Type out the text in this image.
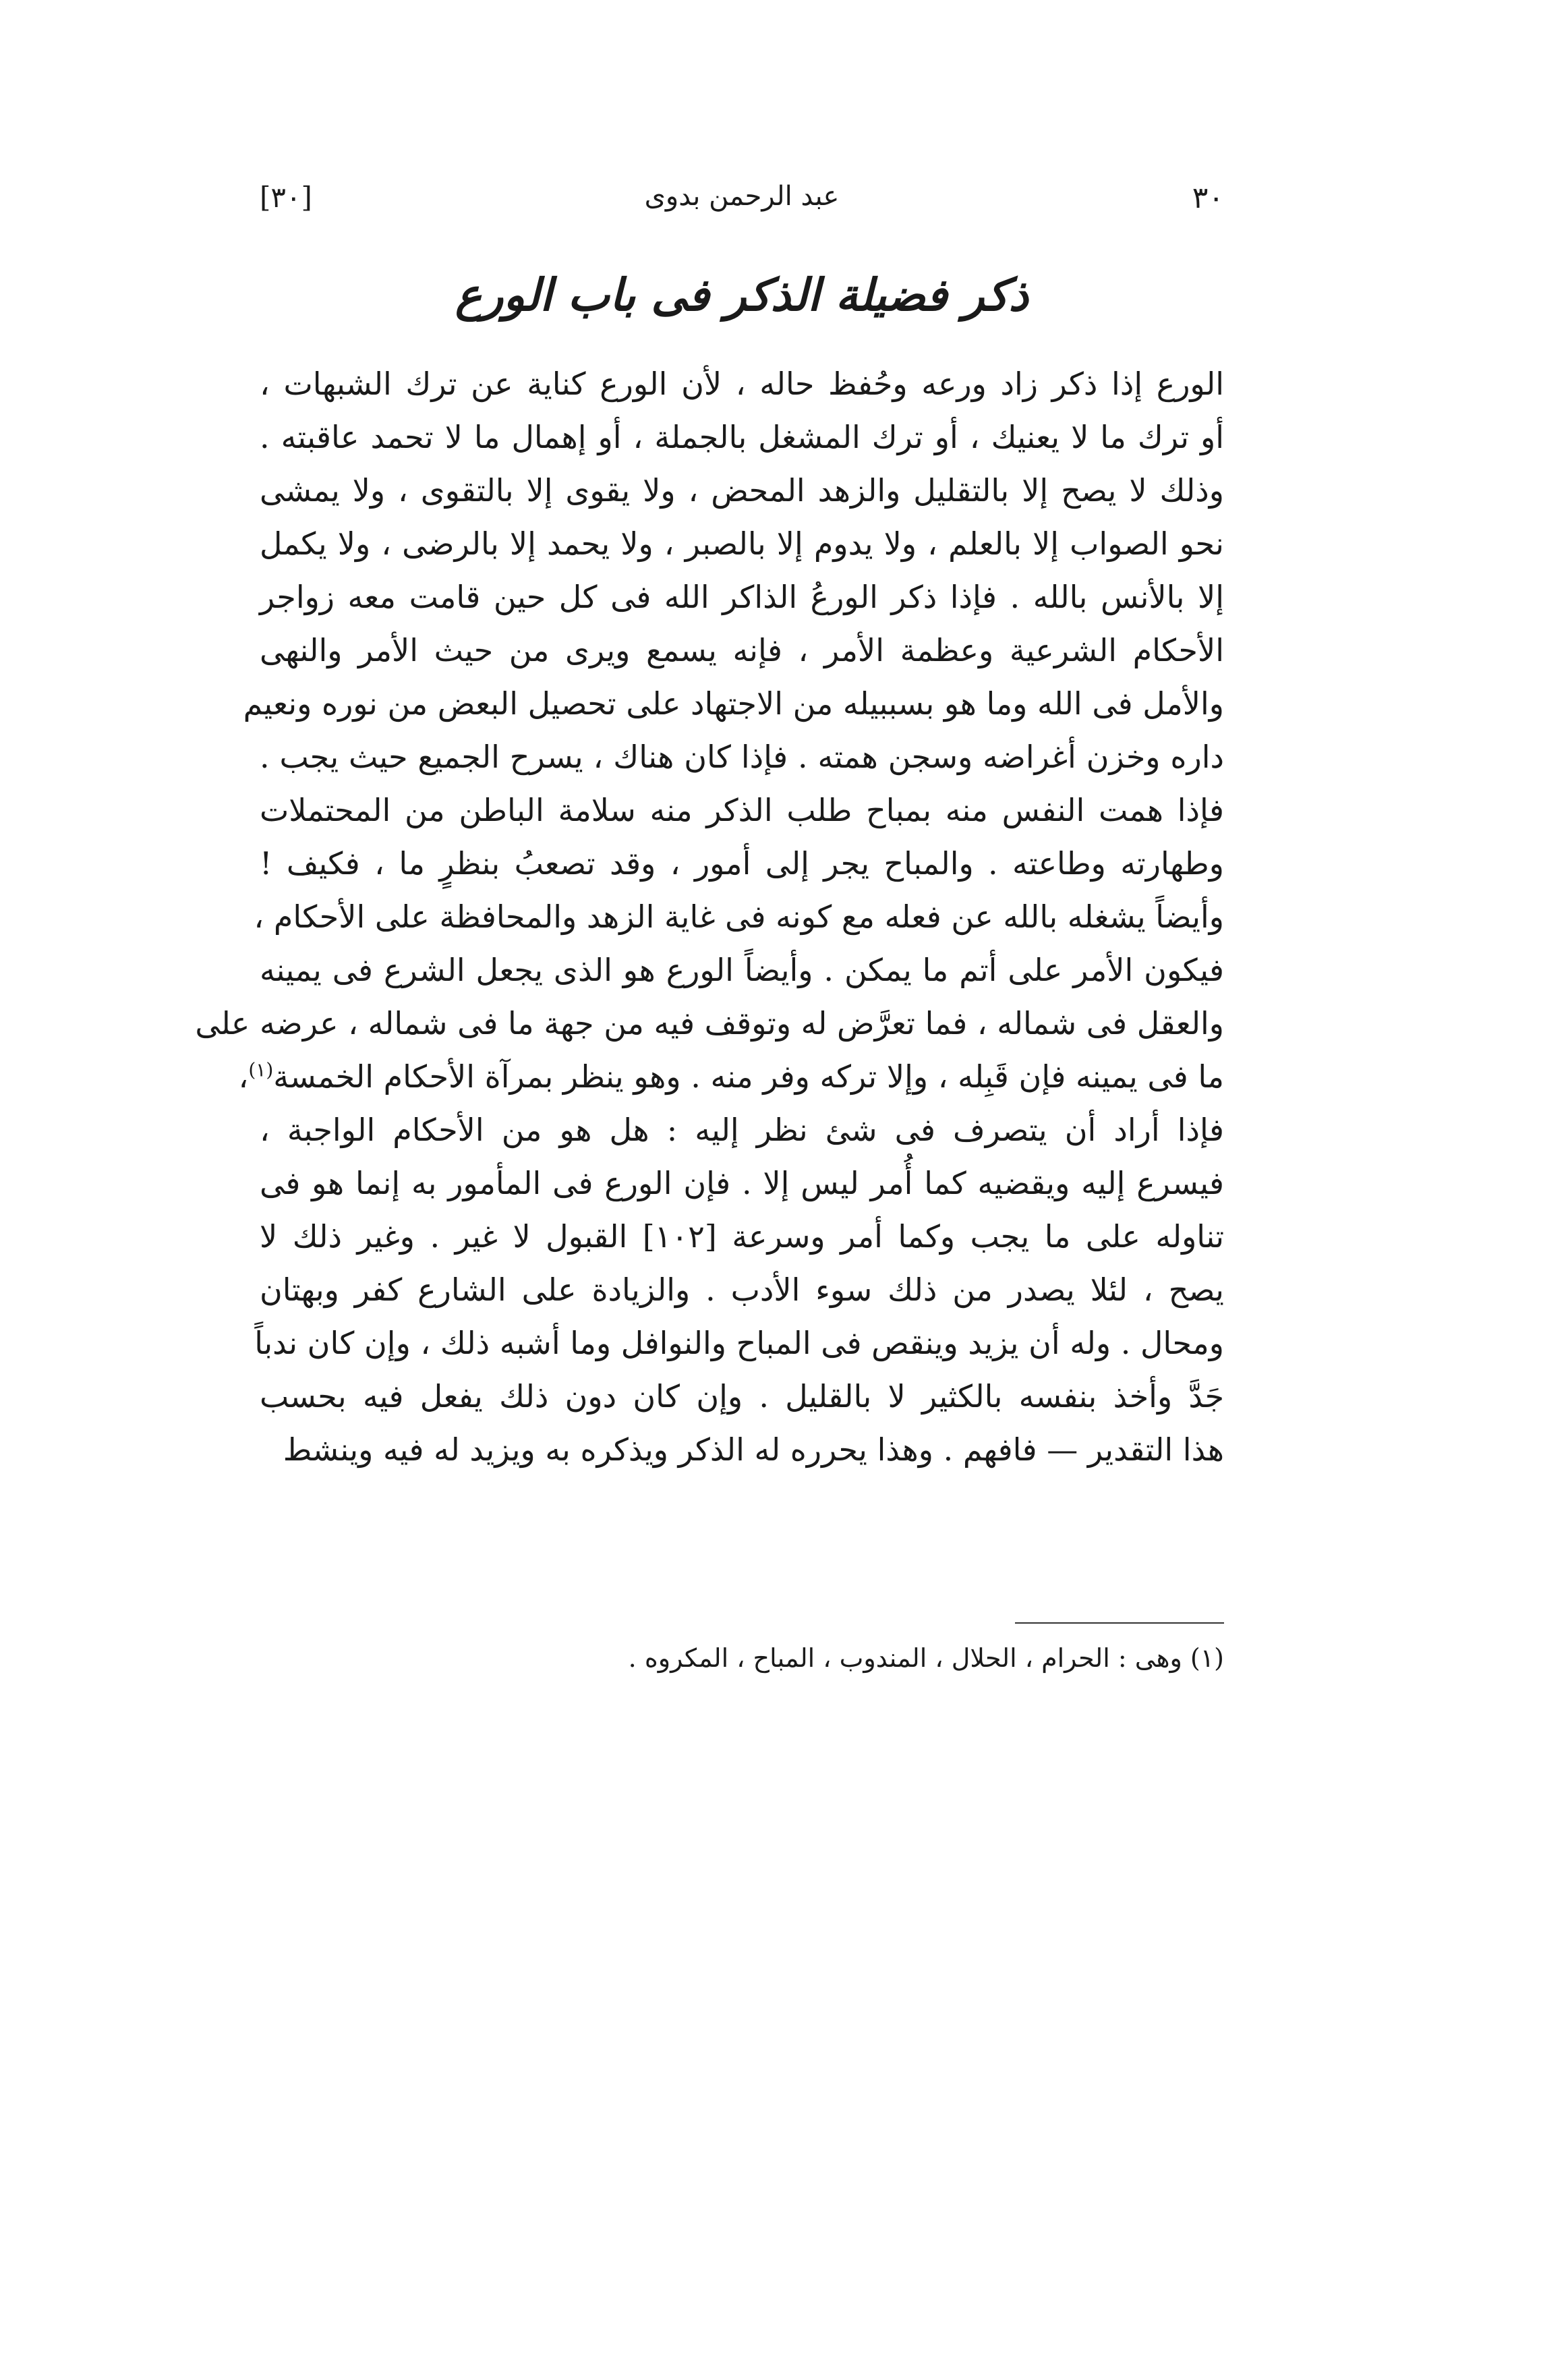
٣٠
عبد الرحمن بدوى
[٣٠]
ذكر فضيلة الذكر فى باب الورع
الورع إذا ذكر زاد ورعه وحُفظ حاله ، لأن الورع كناية عن ترك الشبهات ،
أو ترك ما لا يعنيك ، أو ترك المشغل بالجملة ، أو إهمال ما لا تحمد عاقبته .
وذلك لا يصح إلا بالتقليل والزهد المحض ، ولا يقوى إلا بالتقوى ، ولا يمشى
نحو الصواب إلا بالعلم ، ولا يدوم إلا بالصبر ، ولا يحمد إلا بالرضى ، ولا يكمل
إلا بالأنس بالله . فإذا ذكر الورعُ الذاكر الله فى كل حين قامت معه زواجر
الأحكام الشرعية وعظمة الأمر ، فإنه يسمع ويرى من حيث الأمر والنهى
والأمل فى الله وما هو بسببيله من الاجتهاد على تحصيل البعض من نوره ونعيم
داره وخزن أغراضه وسجن همته . فإذا كان هناك ، يسرح الجميع حيث يجب .
فإذا همت النفس منه بمباح طلب الذكر منه سلامة الباطن من المحتملات
وطهارته وطاعته . والمباح يجر إلى أمور ، وقد تصعبُ بنظرٍ ما ، فكيف !
وأيضاً يشغله بالله عن فعله مع كونه فى غاية الزهد والمحافظة على الأحكام ،
فيكون الأمر على أتم ما يمكن . وأيضاً الورع هو الذى يجعل الشرع فى يمينه
والعقل فى شماله ، فما تعرَّض له وتوقف فيه من جهة ما فى شماله ، عرضه على
ما فى يمينه فإن قَبِله ، وإلا تركه وفر منه . وهو ينظر بمرآة الأحكام الخمسة$^{(١)}$،
فإذا أراد أن يتصرف فى شئ نظر إليه : هل هو من الأحكام الواجبة ،
فيسرع إليه ويقضيه كما أُمر ليس إلا . فإن الورع فى المأمور به إنما هو فى
تناوله على ما يجب وكما أمر وسرعة [١٠٢] القبول لا غير . وغير ذلك لا
يصح ، لئلا يصدر من ذلك سوء الأدب . والزيادة على الشارع كفر وبهتان
ومحال . وله أن يزيد وينقص فى المباح والنوافل وما أشبه ذلك ، وإن كان ندباً
جَدَّ وأخذ بنفسه بالكثير لا بالقليل . وإن كان دون ذلك يفعل فيه بحسب
هذا التقدير — فافهم . وهذا يحرره له الذكر ويذكره به ويزيد له فيه وينشط
(١) وهى : الحرام ، الحلال ، المندوب ، المباح ، المكروه .
